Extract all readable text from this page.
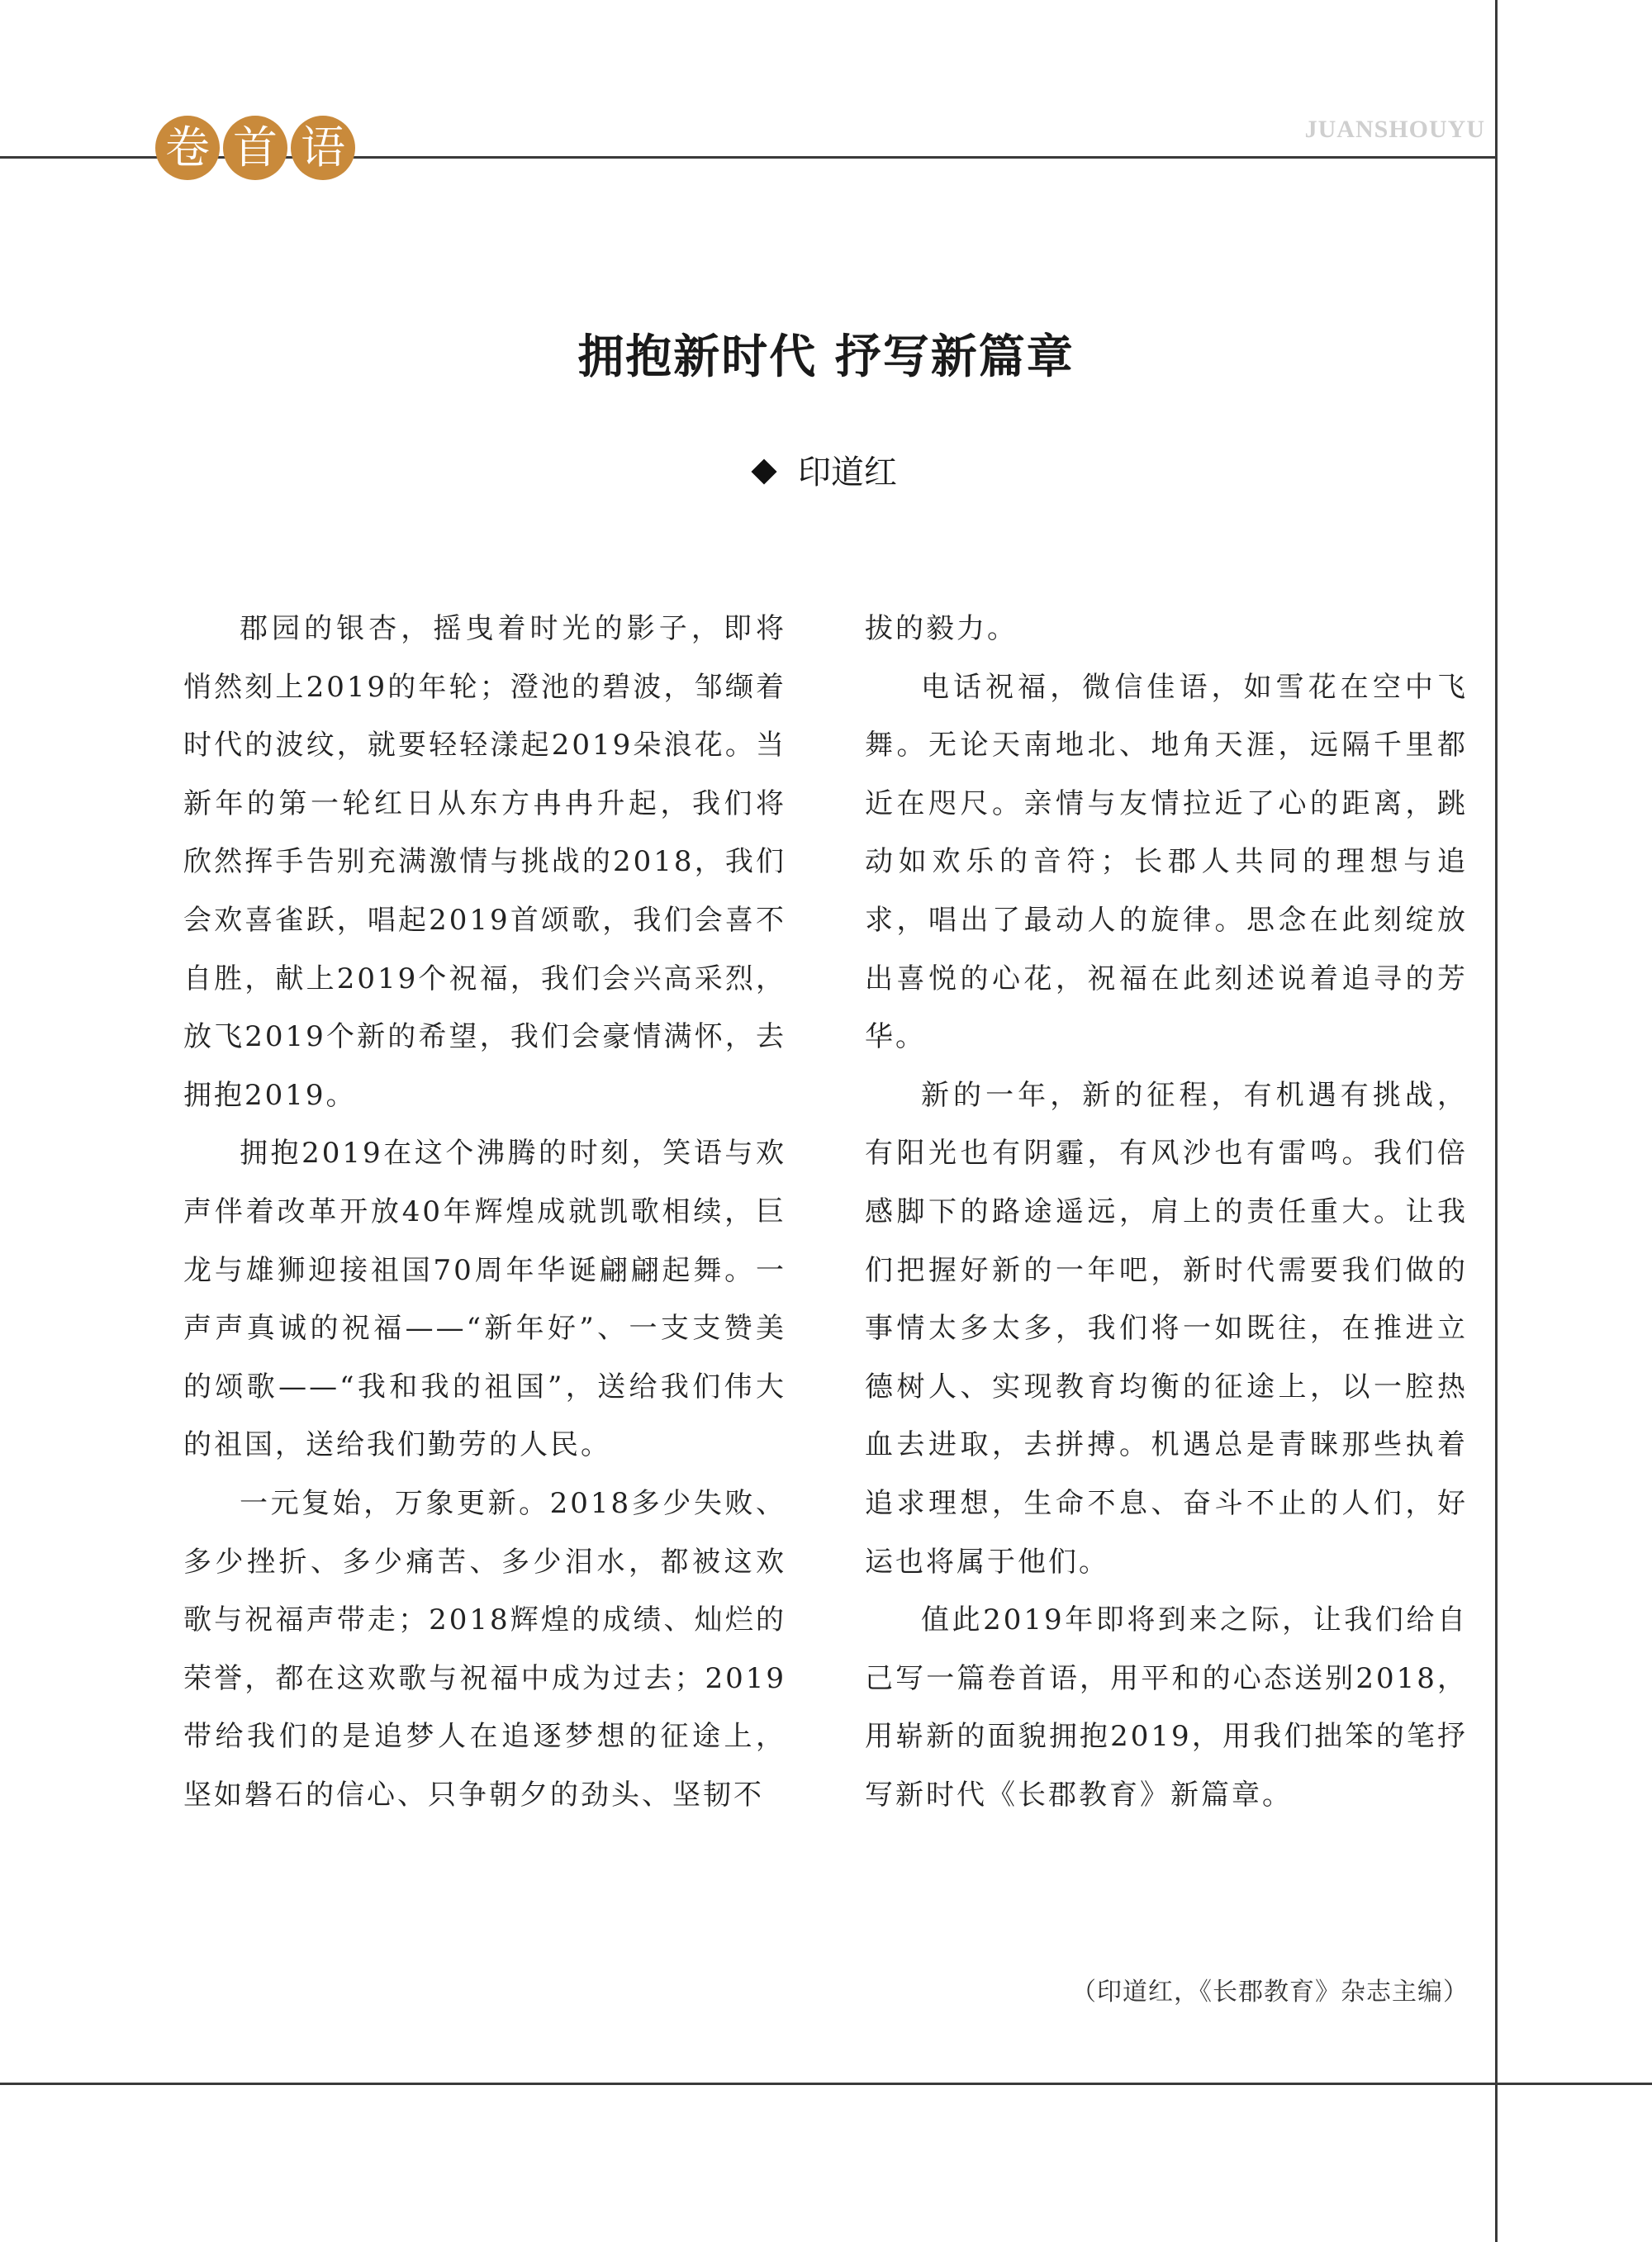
卷 首 语	JUANSHOUYU
拥抱新时代 抒写新篇章
印道红

郡园的银杏，摇曳着时光的影子，即将悄然刻上2019的年轮；澄池的碧波，邹缬着时代的波纹，就要轻轻漾起2019朵浪花。当新年的第一轮红日从东方冉冉升起，我们将欣然挥手告别充满激情与挑战的2018，我们会欢喜雀跃，唱起2019首颂歌，我们会喜不自胜，献上2019个祝福，我们会兴高采烈，放飞2019个新的希望，我们会豪情满怀，去拥抱2019。

拥抱2019在这个沸腾的时刻，笑语与欢声伴着改革开放40年辉煌成就凯歌相续，巨龙与雄狮迎接祖国70周年华诞翩翩起舞。一声声真诚的祝福——“新年好”、一支支赞美的颂歌——“我和我的祖国”，送给我们伟大的祖国，送给我们勤劳的人民。

一元复始，万象更新。2018多少失败、多少挫折、多少痛苦、多少泪水，都被这欢歌与祝福声带走；2018辉煌的成绩、灿烂的荣誉，都在这欢歌与祝福中成为过去；2019带给我们的是追梦人在追逐梦想的征途上，坚如磐石的信心、只争朝夕的劲头、坚韧不

拔的毅力。

电话祝福，微信佳语，如雪花在空中飞舞。无论天南地北、地角天涯，远隔千里都近在咫尺。亲情与友情拉近了心的距离，跳动如欢乐的音符；长郡人共同的理想与追求，唱出了最动人的旋律。思念在此刻绽放出喜悦的心花，祝福在此刻述说着追寻的芳华。

新的一年，新的征程，有机遇有挑战，有阳光也有阴霾，有风沙也有雷鸣。我们倍感脚下的路途遥远，肩上的责任重大。让我们把握好新的一年吧，新时代需要我们做的事情太多太多，我们将一如既往，在推进立德树人、实现教育均衡的征途上，以一腔热血去进取，去拼搏。机遇总是青睐那些执着追求理想，生命不息、奋斗不止的人们，好运也将属于他们。

值此2019年即将到来之际，让我们给自己写一篇卷首语，用平和的心态送别2018，用崭新的面貌拥抱2019，用我们拙笨的笔抒写新时代《长郡教育》新篇章。

（印道红，《长郡教育》杂志主编）
